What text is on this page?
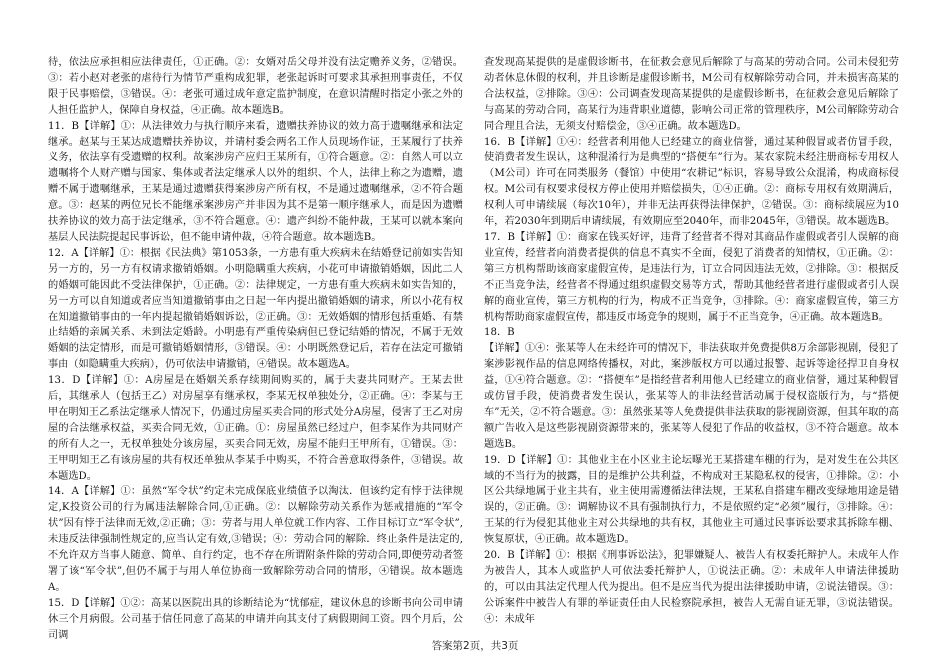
待，依法应承担相应法律责任，①正确。②：女婿对岳父母并没有法定赡养义务，②错误。③：若小赵对老张的虐待行为情节严重构成犯罪，老张起诉时可要求其承担刑事责任，不仅限于民事赔偿，③错误。④：老张可通过成年意定监护制度，在意识清醒时指定小张之外的人担任监护人，保障自身权益，④正确。故本题选B。

11．B【详解】①：从法律效力与执行顺序来看，遗赠扶养协议的效力高于遗嘱继承和法定继承。赵某与王某达成遗赠扶养协议，并请村委会两名工作人员现场作证，王某履行了扶养义务，依法享有受遗赠的权利。故案涉房产应归王某所有，①符合题意。②：自然人可以立遗嘱将个人财产赠与国家、集体或者法定继承人以外的组织、个人，法律上称之为遗赠，遗赠不属于遗嘱继承，王某是通过遗赠获得案涉房产所有权，不是通过遗嘱继承，②不符合题意。③：赵某的两位兄长不能继承案涉房产并非因为其不是第一顺序继承人，而是因为遗赠扶养协议的效力高于法定继承，③不符合题意。④：遗产纠纷不能仲裁，王某可以就本案向基层人民法院提起民事诉讼，但不能申请仲裁，④符合题意。故本题选B。

12．A【详解】①：根据《民法典》第1053条，一方患有重大疾病未在结婚登记前如实告知另一方的，另一方有权请求撤销婚姻。小明隐瞒重大疾病，小花可申请撤销婚姻，因此二人的婚姻可能因此不受法律保护，①正确。②：法律规定，一方患有重大疾病未如实告知的，另一方可以自知道或者应当知道撤销事由之日起一年内提出撤销婚姻的请求，所以小花有权在知道撤销事由的一年内提起撤销婚姻诉讼，②正确。③：无效婚姻的情形包括重婚、有禁止结婚的亲属关系、未到法定婚龄。小明患有严重传染病但已登记结婚的情况，不属于无效婚姻的法定情形，而是可撤销婚姻情形，③错误。④：小明既然登记后，若存在法定可撤销事由（如隐瞒重大疾病），仍可依法申请撤销，④错误。故本题选A。

13．D【详解】①：A房屋是在婚姻关系存续期间购买的，属于夫妻共同财产。王某去世后，其继承人（包括王乙）对房屋享有继承权，李某无权单独处分，②正确。④：李某与王甲在明知王乙系法定继承人情况下，仍通过房屋买卖合同的形式处分A房屋，侵害了王乙对房屋的合法继承权益，买卖合同无效，①正确。①：房屋虽然已经过户，但李某作为共同财产的所有人之一，无权单独处分该房屋，买卖合同无效，房屋不能归王甲所有，①错误。③：王甲明知王乙有该房屋的共有权还单独从李某手中购买，不符合善意取得条件，③错误。故本题选D。

14．A【详解】①：虽然“军令状”约定未完成保底业绩值予以淘汰．但该约定有悖于法律规定,K投资公司的行为属违法解除合同,①正确。②：以解除劳动关系作为惩戒措施的“军令状”因有悖于法律而无效,②正确；③：劳者与用人单位就工作内容、工作目标订立“军令状”,未违反法律强制性规定的,应当认定有效,③错误；④：劳动合同的解除．终止条件是法定的,不允许双方当事人随意、简单、自行约定，也不存在所谓附条件除的劳动合同,即便劳动者签署了该“军令状”,但仍不属于与用人单位协商一致解除劳动合同的情形，④错误。故本题选A。

15．D【详解】①②：高某以医院出具的诊断结论为“忧郁症，建议休息的诊断书向公司申请休三个月病假。公司基于信任同意了高某的申请并向其支付了病假期间工资。四个月后，公司调

查发现高某提供的是虚假诊断书，在征救会意见后解除了与高某的劳动合同。公司未侵犯劳动者休息休假的权利，并且诊断是虚假诊断书，M公司有权解除劳动合同，并未损害高某的合法权益，②排除。③④：公司调查发现高某提供的是虚假诊断书，在征救会意见后解除了与高某的劳动合同，高某行为违背职业道德，影响公司正常的管理秩序，M公司解除劳动合同合理且合法，无须支付赔偿金，③④正确。故本题选D。

16．B【详解】①④：经营者利用他人已经建立的商业信誉，通过某种假冒或者仿冒手段，使消费者发生误认，这种混淆行为是典型的“搭便车”行为。某农家院未经注册商标专用权人（M公司）许可在同类服务（餐馆）中使用“农耕记”标识，容易导致公众混淆，构成商标侵权。M公司有权要求侵权方停止使用并赔偿损失，①④正确。②：商标专用权有效期满后，权利人可申请续展（每次10年），并非无法再获得法律保护，②错误。③：商标续展应为10年，若2030年到期后申请续展，有效期应至2040年，而非2045年，③错误。故本题选B。

17．B【详解】①：商家在钱买好评，违背了经营者不得对其商品作虚假或者引人误解的商业宣传，经营者向消费者提供的信息不真实不全面，侵犯了消费者的知情权，①正确。②：第三方机构帮助该商家虚假宣传，是违法行为，订立合同因违法无效，②排除。③：根据反不正当竞争法，经营者不得通过组织虚假交易等方式，帮助其他经营者进行虚假或者引人误解的商业宣传，第三方机构的行为，构成不正当竞争，③排除。④：商家虚假宣传，第三方机构帮助商家虚假宣传，都违反市场竞争的规则，属于不正当竞争，④正确。故本题选B。

18．B

【详解】①④：张某等人在未经许可的情况下，非法获取并免费提供8万余部影视剧，侵犯了案涉影视作品的信息网络传播权，对此，案涉版权方可以通过报警、起诉等途径捍卫自身权益，①④符合题意。②：“搭便车”是指经营者利用他人已经建立的商业信誉，通过某种假冒或仿冒手段，使消费者发生误认，张某等人的非法经营活动属于侵权盗版行为，与“搭便车”无关，②不符合题意。③：虽然张某等人免费提供非法获取的影视剧资源，但其年取的高额广告收入是这些影视剧资源带来的，张某等人侵犯了作品的收益权，③不符合题意。故本题选B。

19．D【详解】①：其他业主在小区业主论坛曝光王某搭建车棚的行为，是对发生在公共区域的不当行为的披露，目的是维护公共利益，不构成对王某隐私权的侵害，①排除。②：小区公共绿地属于业主共有，业主使用需遵循法律法规，王某私自搭建车棚改变绿地用途是错误的，②正确。③：调解协议不具有强制执行力，不是依照约定“必须”履行，③排除。④：王某的行为侵犯其他业主对公共绿地的共有权，其他业主可通过民事诉讼要求其拆除车棚、恢复原状，④正确。故本题选D。

20．B【详解】①：根据《刑事诉讼法》，犯罪嫌疑人、被告人有权委托辩护人。未成年人作为被告人，其本人或监护人可依法委托辩护人，①说法正确。②：未成年人申请法律援助的，可以由其法定代理人代为提出。但不是应当代为提出法律援助申请，②说法错误。③：公诉案件中被告人有罪的举证责任由人民检察院承担，被告人无需自证无罪，③说法错误。④：未成年

答案第2页，共3页
